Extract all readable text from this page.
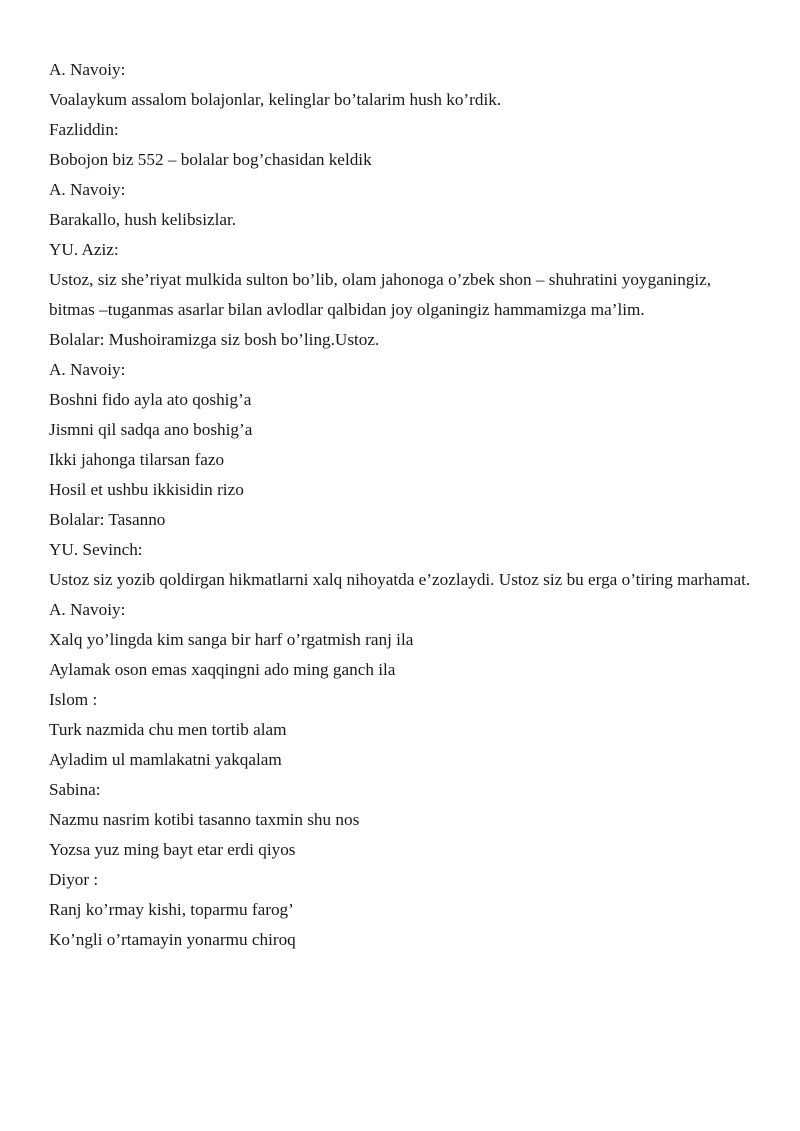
A. Navoiy:

Voalaykum assalom bolajonlar, kelinglar bo’talarim hush ko’rdik.

Fazliddin:

Bobojon biz 552 – bolalar bog’chasidan keldik

A. Navoiy:

Barakallo, hush kelibsizlar.

YU. Aziz:

Ustoz, siz she’riyat mulkida sulton bo’lib, olam jahonoga o’zbek shon – shuhratini yoyganingiz, bitmas –tuganmas asarlar bilan avlodlar qalbidan joy olganingiz hammamizga ma’lim.

Bolalar: Mushoiramizga siz bosh bo’ling.Ustoz.

A. Navoiy:

Boshni fido ayla ato qoshig’a

Jismni qil sadqa ano boshig’a

Ikki jahonga tilarsan fazo

Hosil et ushbu ikkisidin rizo

Bolalar: Tasanno

YU. Sevinch:

Ustoz siz yozib qoldirgan hikmatlarni xalq nihoyatda e’zozlaydi. Ustoz siz bu erga o’tiring marhamat.

A. Navoiy:

Xalq yo’lingda kim sanga bir harf o’rgatmish ranj ila

Aylamak oson emas xaqqingni ado ming ganch ila

Islom :

Turk nazmida chu men tortib alam

Ayladim ul mamlakatni yakqalam

Sabina:

Nazmu nasrim kotibi tasanno taxmin shu nos

Yozsa yuz ming bayt etar erdi qiyos

Diyor :

Ranj ko’rmay kishi, toparmu farog’

Ko’ngli o’rtamayin yonarmu chiroq
